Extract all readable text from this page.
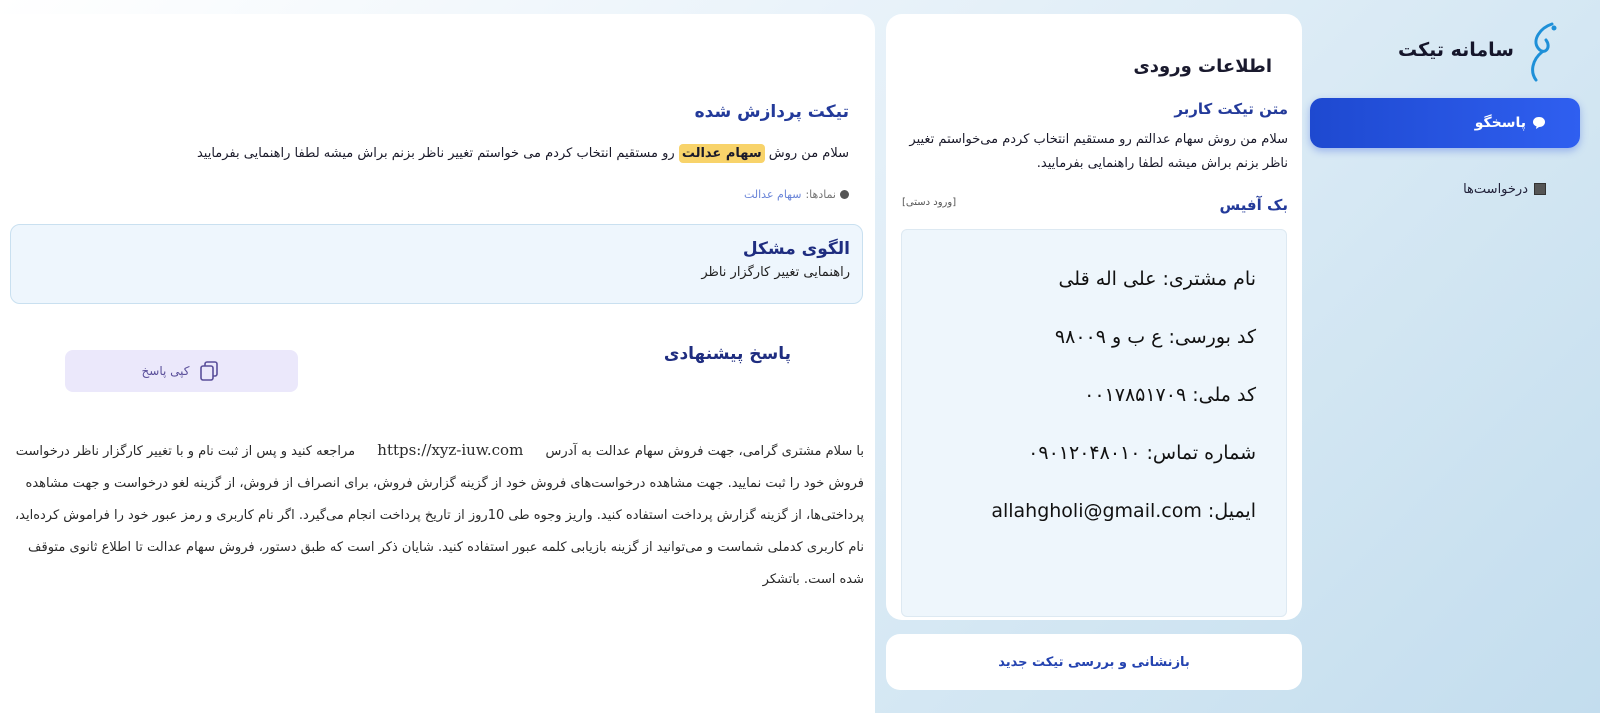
تیکت پردازش شده
سلام من روش سهام عدالت رو مستقیم انتخاب کردم می خواستم تغییر ناظر بزنم براش میشه لطفا راهنمایی بفرمایید
نمادها:
سهام عدالت
الگوی مشکل
راهنمایی تغییر کارگزار ناظر
پاسخ پیشنهادی
کپی پاسخ
با سلام مشتری گرامی، جهت فروش سهام عدالت به آدرس https://xyz-iuw.com مراجعه کنید و پس از ثبت نام و با تغییر کارگزار ناظر درخواست فروش خود را ثبت نمایید. جهت مشاهده درخواست‌های فروش خود از گزینه گزارش فروش، برای انصراف از فروش، از گزینه لغو درخواست و جهت مشاهده پرداختی‌ها، از گزینه گزارش پرداخت استفاده کنید. واریز وجوه طی 10روز از تاریخ پرداخت انجام می‌گیرد. اگر نام کاربری و رمز عبور خود را فراموش کرده‌اید، نام کاربری کدملی شماست و می‌توانید از گزینه بازیابی کلمه عبور استفاده کنید. شایان ذکر است که طبق دستور، فروش سهام عدالت تا اطلاع ثانوی متوقف شده است. باتشکر
اطلاعات ورودی
متن تیکت کاربر
سلام من روش سهام عدالتم رو مستقیم انتخاب کردم می‌خواستم تغییر ناظر بزنم براش میشه لطفا راهنمایی بفرمایید.
بک آفیس
[ورود دستی]
نام مشتری: علی اله قلی
کد بورسی: ع ب و ۹۸۰۰۹
کد ملی: ۰۰۱۷۸۵۱۷۰۹
شماره تماس: ۰۹۰۱۲۰۴۸۰۱۰
ایمیل: allahgholi@gmail.com
بازنشانی و بررسی تیکت جدید
سامانه تیکت
پاسخگو
درخواست‌ها
